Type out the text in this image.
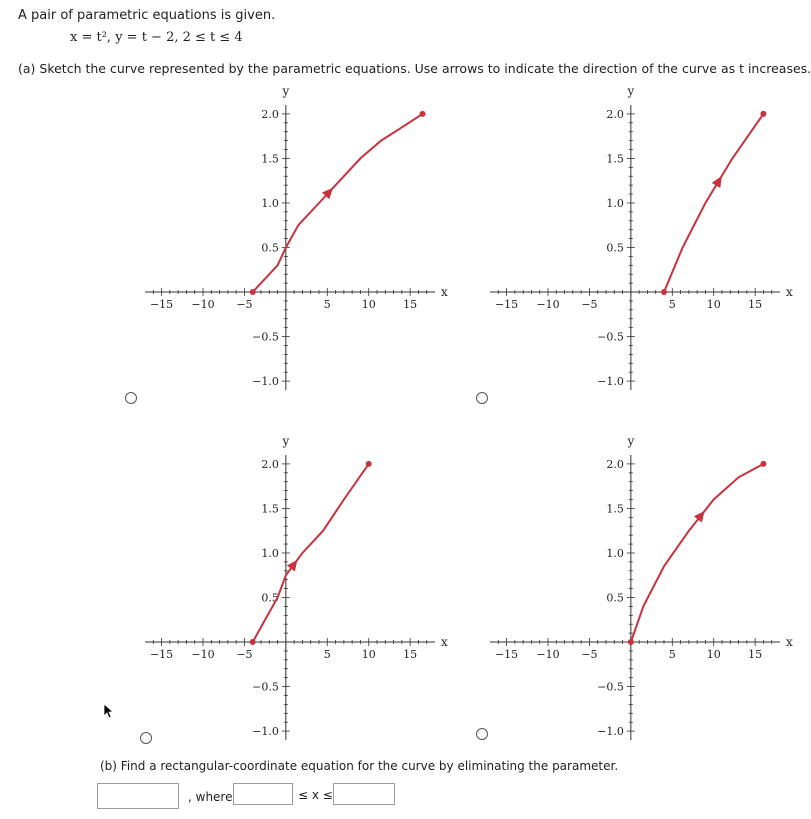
A pair of parametric equations is given.
x = t², y = t − 2, 2 ≤ t ≤ 4
(a) Sketch the curve represented by the parametric equations. Use arrows to indicate the direction of the curve as t increases.
−15 −10 −5	5	10 15
2.0
1.5
1.0
0.5
−0.5
−1.0
x
y
−15 −10 −5	5	10 15
2.0
1.5
1.0
0.5
−0.5
−1.0
x
y
−15 −10 −5	5	10 15
2.0
1.5
1.0
0.5
−0.5
−1.0
x
y
−15 −10 −5	5	10 15
2.0
1.5
1.0
0.5
−0.5
−1.0
x
y
(b) Find a rectangular-coordinate equation for the curve by eliminating the parameter.
, where	≤ x ≤
